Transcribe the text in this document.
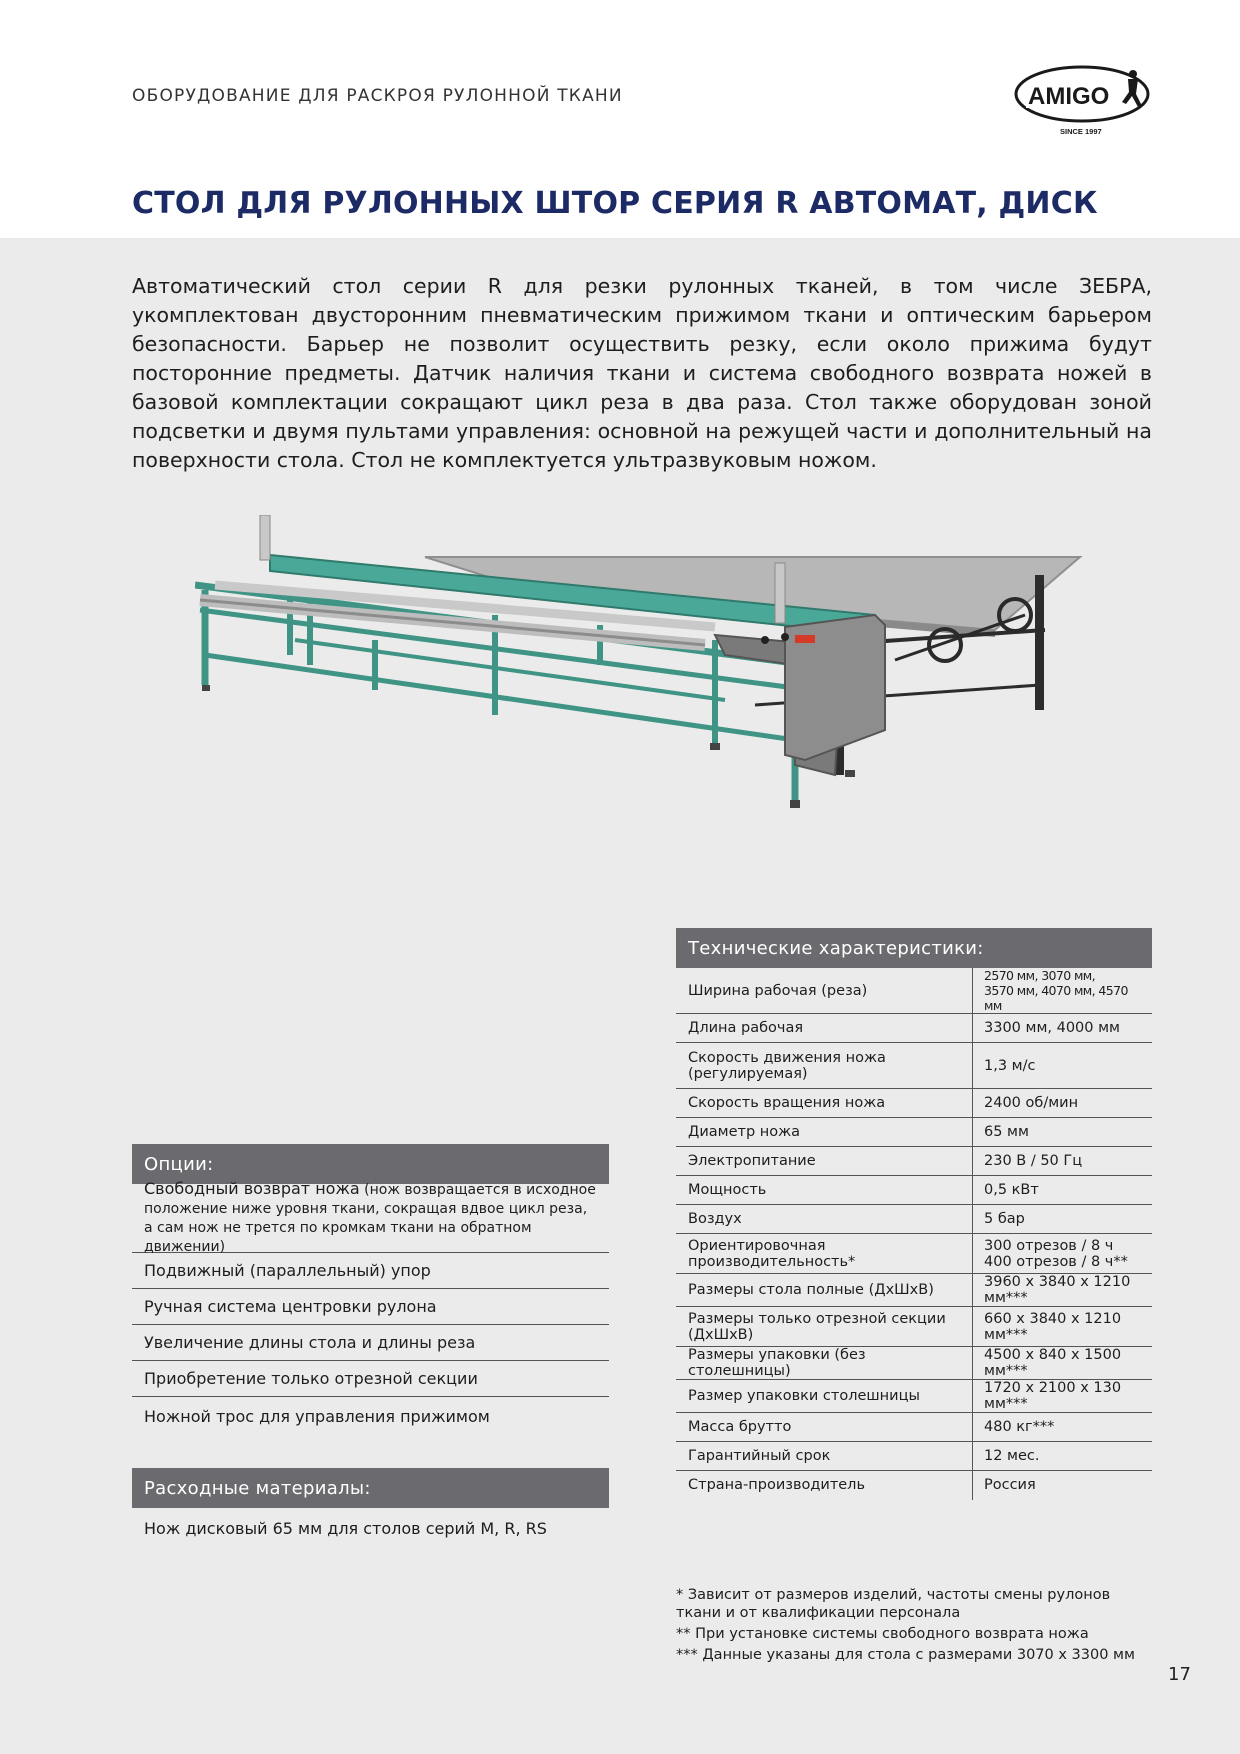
ОБОРУДОВАНИЕ ДЛЯ РАСКРОЯ РУЛОННОЙ ТКАНИ	AMIGO
SINCE 1997
СТОЛ ДЛЯ РУЛОННЫХ ШТОР СЕРИЯ R АВТОМАТ, ДИСК

Автоматический стол серии R для резки рулонных тканей, в том числе ЗЕБРА, укомплектован двусторонним пневматическим прижимом ткани и оптическим барьером безопасности. Барьер не позволит осуществить резку, если около прижима будут посторонние предметы. Датчик наличия ткани и система свободного возврата ножей в базовой комплектации сокращают цикл реза в два раза. Стол также оборудован зоной подсветки и двумя пультами управления: основной на режущей части и дополнительный на поверхности стола. Стол не комплектуется ультразвуковым ножом.

Технические характеристики:
Ширина рабочая (реза)	2570 мм, 3070 мм,
3570 мм, 4070 мм, 4570 мм
Длина рабочая	3300 мм, 4000 мм
Скорость движения ножа
(регулируемая)	1,3 м/с
Скорость вращения ножа	2400 об/мин
Диаметр ножа	65 мм
Электропитание	230 В / 50 Гц
Мощность	0,5 кВт
Воздух	5 бар
Ориентировочная
производительность*	300 отрезов / 8 ч
400 отрезов / 8 ч**
Размеры стола полные (ДхШхВ)	3960 х 3840 х 1210 мм***
Размеры только отрезной секции
(ДхШхВ)	660 х 3840 х 1210 мм***
Размеры упаковки (без столешницы)	4500 х 840 х 1500 мм***
Размер упаковки столешницы	1720 х 2100 х 130 мм***
Масса брутто	480 кг***
Гарантийный срок	12 мес.
Страна-производитель	Россия
Опции:
Свободный возврат ножа (нож возвращается в исходное положение ниже уровня ткани, сокращая вдвое цикл реза, а сам нож не трется по кромкам ткани на обратном движении)
Подвижный (параллельный) упор
Ручная система центровки рулона
Увеличение длины стола и длины реза
Приобретение только отрезной секции
Ножной трос для управления прижимом
Расходные материалы:
Нож дисковый 65 мм для столов серий M, R, RS
* Зависит от размеров изделий, частоты смены рулонов ткани и от квалификации персонала
** При установке системы свободного возврата ножа
*** Данные указаны для стола с размерами 3070 х 3300 мм
17
